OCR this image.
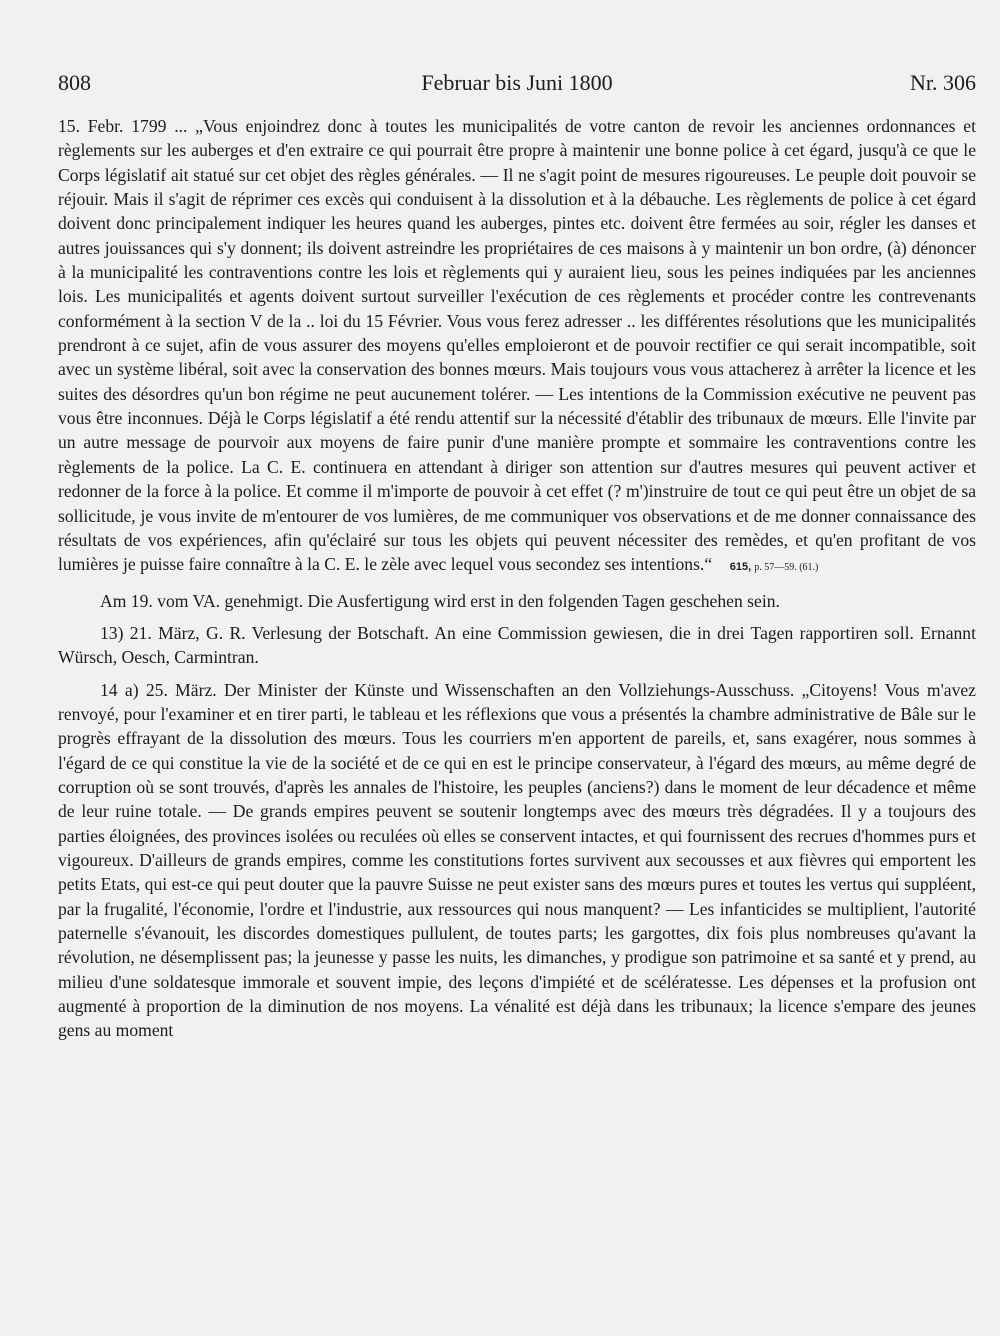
808	Februar bis Juni 1800	Nr. 306

15. Febr. 1799 ... „Vous enjoindrez donc à toutes les municipalités de votre canton de revoir les anciennes ordonnances et règlements sur les auberges et d'en extraire ce qui pourrait être propre à maintenir une bonne police à cet égard, jusqu'à ce que le Corps législatif ait statué sur cet objet des règles générales. — Il ne s'agit point de mesures rigoureuses. Le peuple doit pouvoir se réjouir. Mais il s'agit de réprimer ces excès qui conduisent à la dissolution et à la débauche. Les règlements de police à cet égard doivent donc principalement indiquer les heures quand les auberges, pintes etc. doivent être fermées au soir, régler les danses et autres jouissances qui s'y donnent; ils doivent astreindre les propriétaires de ces maisons à y maintenir un bon ordre, (à) dénoncer à la municipalité les contraventions contre les lois et règlements qui y auraient lieu, sous les peines indiquées par les anciennes lois. Les municipalités et agents doivent surtout surveiller l'exécution de ces règlements et procéder contre les contrevenants conformément à la section V de la .. loi du 15 Février. Vous vous ferez adresser .. les différentes résolutions que les municipalités prendront à ce sujet, afin de vous assurer des moyens qu'elles emploieront et de pouvoir rectifier ce qui serait incompatible, soit avec un système libéral, soit avec la conservation des bonnes mœurs. Mais toujours vous vous attacherez à arrêter la licence et les suites des désordres qu'un bon régime ne peut aucunement tolérer. — Les intentions de la Commission exécutive ne peuvent pas vous être inconnues. Déjà le Corps législatif a été rendu attentif sur la nécessité d'établir des tribunaux de mœurs. Elle l'invite par un autre message de pourvoir aux moyens de faire punir d'une manière prompte et sommaire les contraventions contre les règlements de la police. La C. E. continuera en attendant à diriger son attention sur d'autres mesures qui peuvent activer et redonner de la force à la police. Et comme il m'importe de pouvoir à cet effet (? m')instruire de tout ce qui peut être un objet de sa sollicitude, je vous invite de m'entourer de vos lumières, de me communiquer vos observations et de me donner connaissance des résultats de vos expériences, afin qu'éclairé sur tous les objets qui peuvent nécessiter des remèdes, et qu'en profitant de vos lumières je puisse faire connaître à la C. E. le zèle avec lequel vous secondez ses intentions.“ 615, p. 57—59. (61.)

Am 19. vom VA. genehmigt. Die Ausfertigung wird erst in den folgenden Tagen geschehen sein.

13) 21. März, G. R. Verlesung der Botschaft. An eine Commission gewiesen, die in drei Tagen rapportiren soll. Ernannt Würsch, Oesch, Carmintran.

14 a) 25. März. Der Minister der Künste und Wissenschaften an den Vollziehungs-Ausschuss. „Citoyens! Vous m'avez renvoyé, pour l'examiner et en tirer parti, le tableau et les réflexions que vous a présentés la chambre administrative de Bâle sur le progrès effrayant de la dissolution des mœurs. Tous les courriers m'en apportent de pareils, et, sans exagérer, nous sommes à l'égard de ce qui constitue la vie de la société et de ce qui en est le principe conservateur, à l'égard des mœurs, au même degré de corruption où se sont trouvés, d'après les annales de l'histoire, les peuples (anciens?) dans le moment de leur décadence et même de leur ruine totale. — De grands empires peuvent se soutenir longtemps avec des mœurs très dégradées. Il y a toujours des parties éloignées, des provinces isolées ou reculées où elles se conservent intactes, et qui fournissent des recrues d'hommes purs et vigoureux. D'ailleurs de grands empires, comme les constitutions fortes survivent aux secousses et aux fièvres qui emportent les petits Etats, qui est-ce qui peut douter que la pauvre Suisse ne peut exister sans des mœurs pures et toutes les vertus qui suppléent, par la frugalité, l'économie, l'ordre et l'industrie, aux ressources qui nous manquent? — Les infanticides se multiplient, l'autorité paternelle s'évanouit, les discordes domestiques pullulent, de toutes parts; les gargottes, dix fois plus nombreuses qu'avant la révolution, ne désemplissent pas; la jeunesse y passe les nuits, les dimanches, y prodigue son patrimoine et sa santé et y prend, au milieu d'une soldatesque immorale et souvent impie, des leçons d'impiété et de scélératesse. Les dépenses et la profusion ont augmenté à proportion de la diminution de nos moyens. La vénalité est déjà dans les tribunaux; la licence s'empare des jeunes gens au moment
